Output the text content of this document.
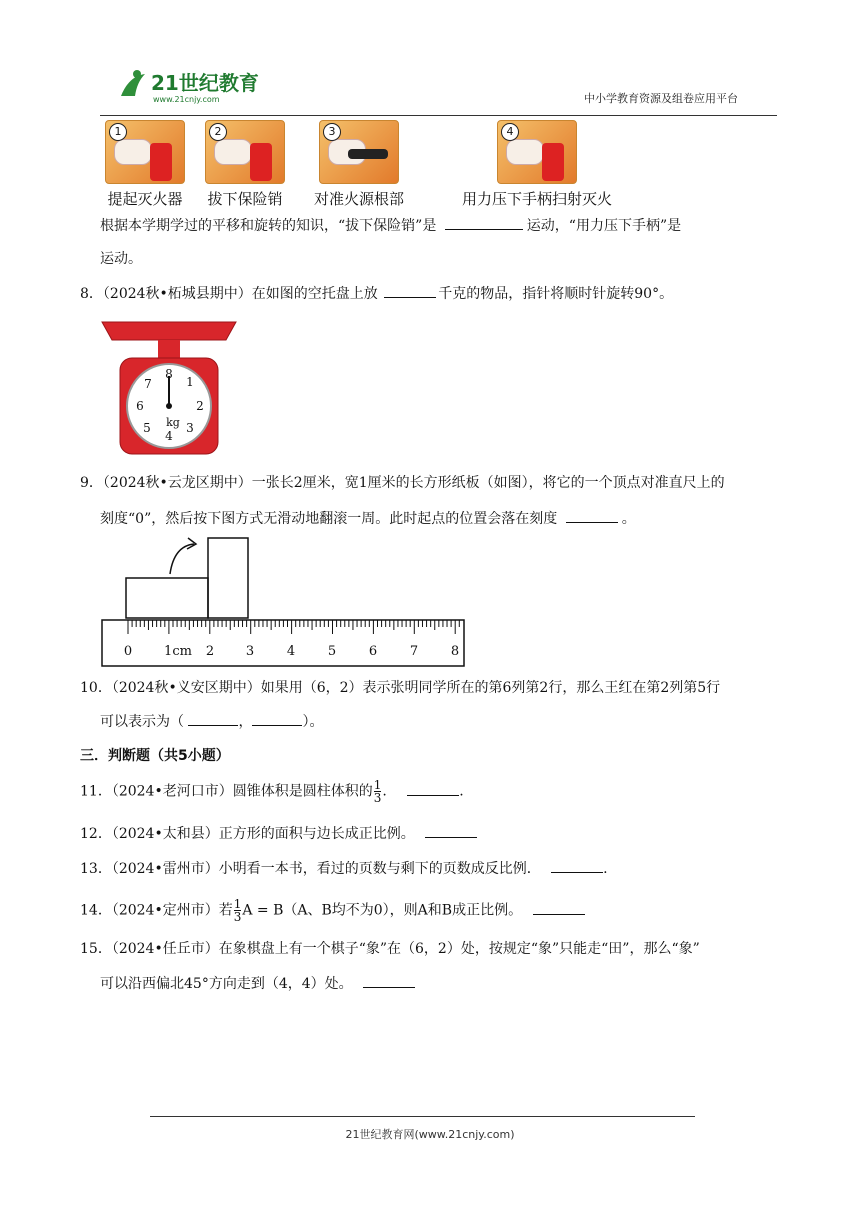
21世纪教育
www.21cnjy.com	中小学教育资源及组卷应用平台
1
提起灭火器
2
拔下保险销
3
对准火源根部
4
用力压下手柄扫射灭火

根据本学期学过的平移和旋转的知识，“拔下保险销”是	运动，“用力压下手柄”是

运动。

8．（2024秋•柘城县期中）在如图的空托盘上放	千克的物品，指针将顺时针旋转90°。

8
1
2
3
4
5
6
7
kg

9．（2024秋•云龙区期中）一张长2厘米，宽1厘米的长方形纸板（如图），将它的一个顶点对准直尺上的

刻度“0”，然后按下图方式无滑动地翻滚一周。此时起点的位置会落在刻度	。

0 1cm 2 3	4	5	6	7	8

10．（2024秋•义安区期中）如果用（6，2）表示张明同学所在的第6列第2行，那么王红在第2列第5行

可以表示为（	，	）。

三．判断题（共5小题）

11．（2024•老河口市）圆锥体积是圆柱体积的 $\frac{1}{3}$ .	.

12．（2024•太和县）正方形的面积与边长成正比例。

13．（2024•雷州市）小明看一本书，看过的页数与剩下的页数成反比例．	.

14．（2024•定州市）若 $\frac{1}{3}$ A = B（A、B均不为0），则A和B成正比例。

15．（2024•任丘市）在象棋盘上有一个棋子“象”在（6，2）处，按规定“象”只能走“田”，那么“象”

可以沿西偏北45°方向走到（4，4）处。

21世纪教育网(www.21cnjy.com)
